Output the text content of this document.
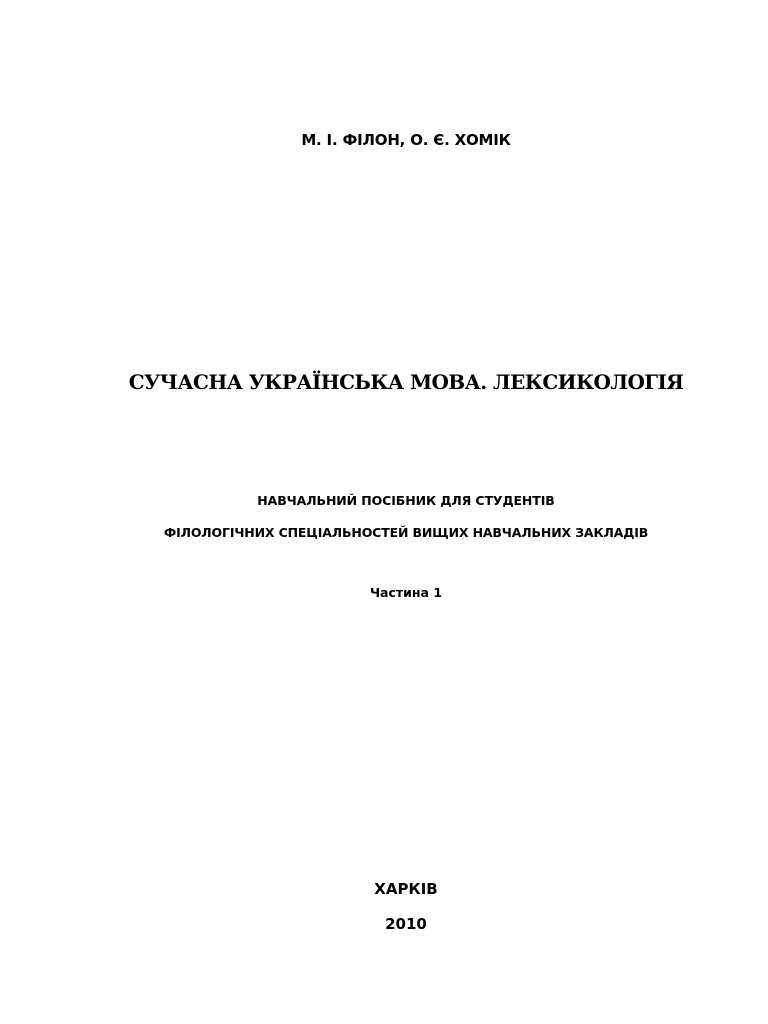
М. І. ФІЛОН, О. Є. ХОМІК
СУЧАСНА УКРАЇНСЬКА МОВА. ЛЕКСИКОЛОГІЯ
НАВЧАЛЬНИЙ ПОСІБНИК ДЛЯ СТУДЕНТІВ
ФІЛОЛОГІЧНИХ СПЕЦІАЛЬНОСТЕЙ ВИЩИХ НАВЧАЛЬНИХ ЗАКЛАДІВ
Частина 1
ХАРКІВ
2010
